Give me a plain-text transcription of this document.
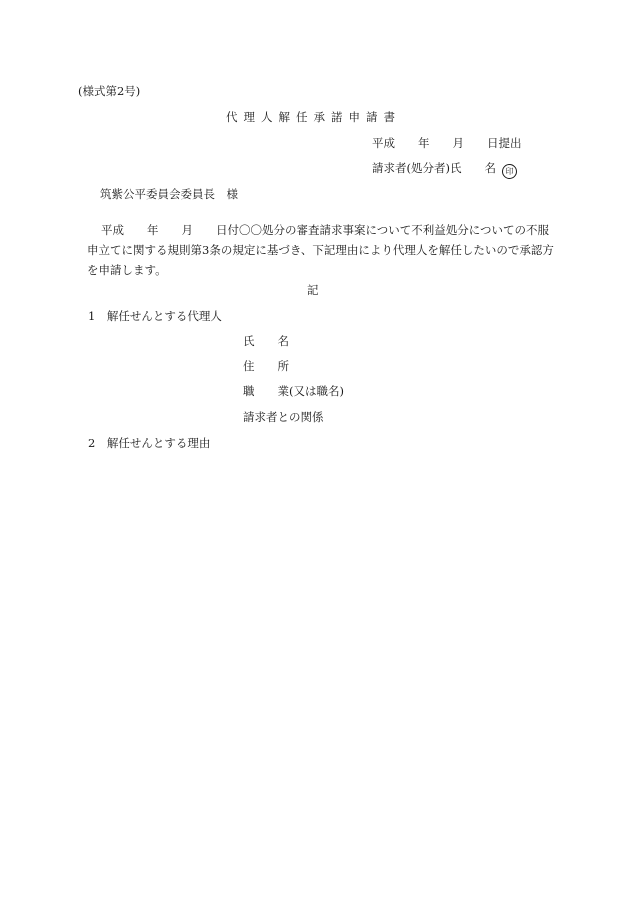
(様式第2号)
代理人解任承諾申請書
平成　　年　　月　　日提出
請求者(処分者)氏　　名 印
筑紫公平委員会委員長　様
平成　　年　　月　　日付〇〇処分の審査請求事案について不利益処分についての不服申立てに関する規則第3条の規定に基づき、下記理由により代理人を解任したいので承認方を申請します。
記
1　解任せんとする代理人
氏　　名
住　　所
職　　業(又は職名)
請求者との関係
2　解任せんとする理由
